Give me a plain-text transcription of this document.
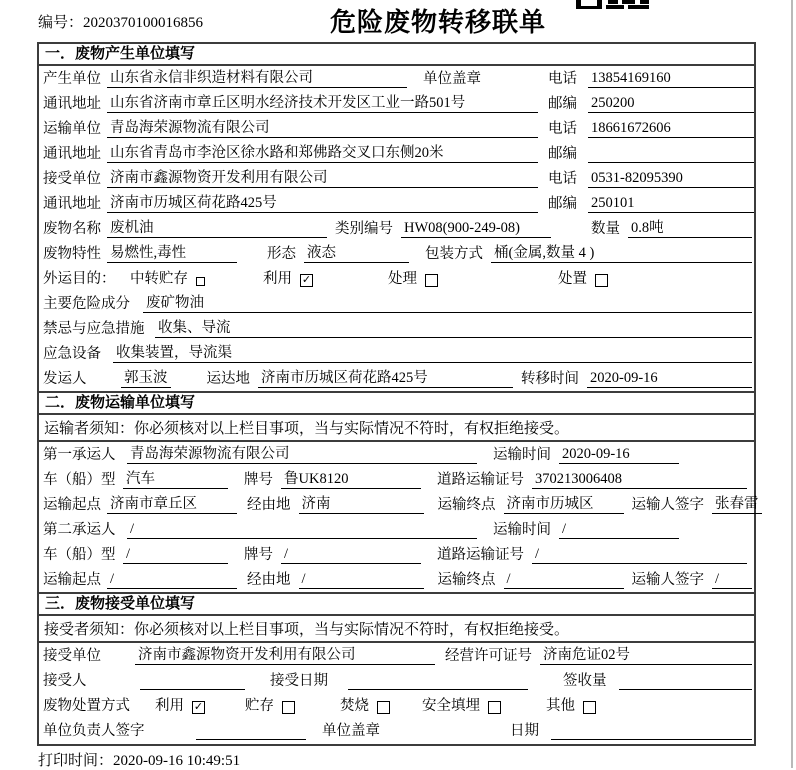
编号：2020370100016856	危险废物转移联单
一．废物产生单位填写
产生单位 山东省永信非织造材料有限公司	单位盖章	电话 13854169160
通讯地址 山东省济南市章丘区明水经济技术开发区工业一路501号	邮编 250200
运输单位 青岛海荣源物流有限公司	电话 18661672606
通讯地址 山东省青岛市李沧区徐水路和郑佛路交叉口东侧20米	邮编
接受单位 济南市鑫源物资开发利用有限公司	电话 0531-82095390
通讯地址 济南市历城区荷花路425号	邮编 250101
废物名称 废机油	类别编号 HW08(900-249-08)	数量 0.8吨
废物特性 易燃性,毒性	形态 液态	包装方式 桶(金属,数量 4 )
外运目的： 中转贮存	利用 ✓	处理	处置
主要危险成分 废矿物油
禁忌与应急措施 收集、导流
应急设备 收集装置，导流渠
发运人	郭玉波	运达地 济南市历城区荷花路425号	转移时间 2020-09-16
二．废物运输单位填写
运输者须知：你必须核对以上栏目事项，当与实际情况不符时，有权拒绝接受。
第一承运人 青岛海荣源物流有限公司	运输时间 2020-09-16
车（船）型 汽车	牌号 鲁UK8120	道路运输证号 370213006408
运输起点 济南市章丘区	经由地 济南	运输终点 济南市历城区	运输人签字 张春雷
第二承运人 /	运输时间 /
车（船）型 /	牌号 /	道路运输证号 /
运输起点 /	经由地 /	运输终点 /	运输人签字 /
三．废物接受单位填写
接受者须知：你必须核对以上栏目事项，当与实际情况不符时，有权拒绝接受。
接受单位	济南市鑫源物资开发利用有限公司	经营许可证号 济南危证02号
接受人	接受日期	签收量
废物处置方式 利用 ✓	贮存	焚烧	安全填埋	其他
单位负责人签字	单位盖章	日期
打印时间：2020-09-16 10:49:51
